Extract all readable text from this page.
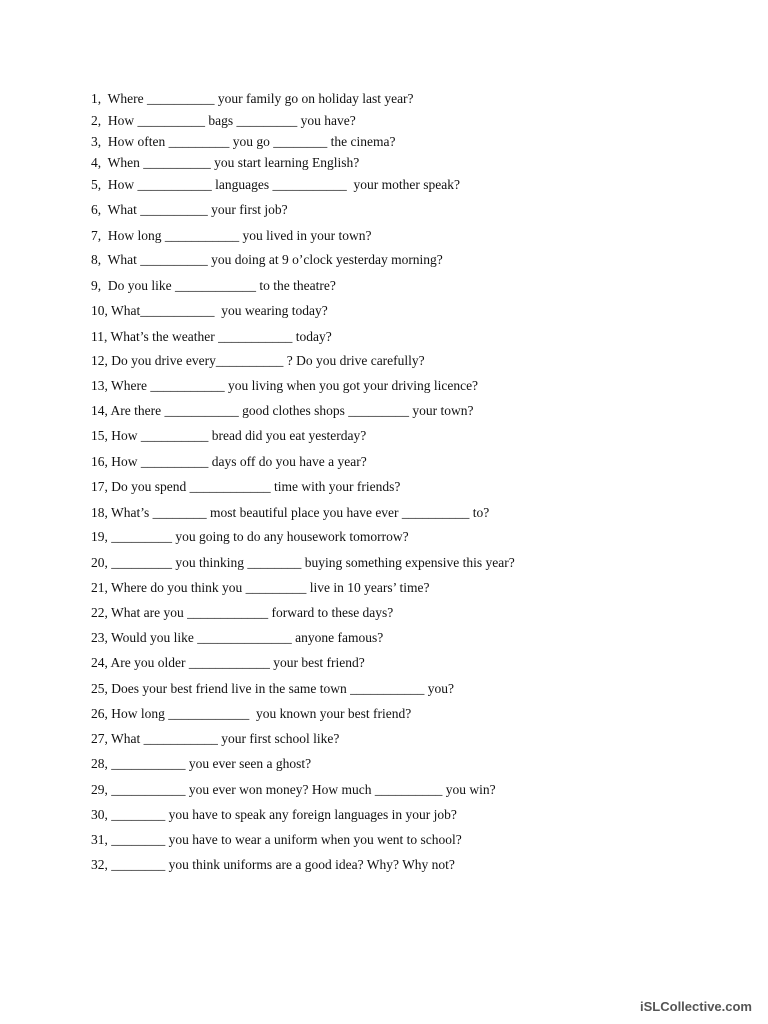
1,  Where __________ your family go on holiday last year?
2,  How __________ bags _________ you have?
3,  How often _________ you go ________ the cinema?
4,  When __________ you start learning English?
5,  How ___________ languages ___________  your mother speak?
6,  What __________ your first job?
7,  How long ___________ you lived in your town?
8,  What __________ you doing at 9 o’clock yesterday morning?
9,  Do you like ____________ to the theatre?
10, What___________  you wearing today?
11, What’s the weather ___________ today?
12, Do you drive every__________ ? Do you drive carefully?
13, Where ___________ you living when you got your driving licence?
14, Are there ___________ good clothes shops _________ your town?
15, How __________ bread did you eat yesterday?
16, How __________ days off do you have a year?
17, Do you spend ____________ time with your friends?
18, What’s ________ most beautiful place you have ever __________ to?
19, _________ you going to do any housework tomorrow?
20, _________ you thinking ________ buying something expensive this year?
21, Where do you think you _________ live in 10 years’ time?
22, What are you ____________ forward to these days?
23, Would you like ______________ anyone famous?
24, Are you older ____________ your best friend?
25, Does your best friend live in the same town ___________ you?
26, How long ____________  you known your best friend?
27, What ___________ your first school like?
28, ___________ you ever seen a ghost?
29, ___________ you ever won money? How much __________ you win?
30, ________ you have to speak any foreign languages in your job?
31, ________ you have to wear a uniform when you went to school?
32, ________ you think uniforms are a good idea? Why? Why not?
iSLCollective.com
